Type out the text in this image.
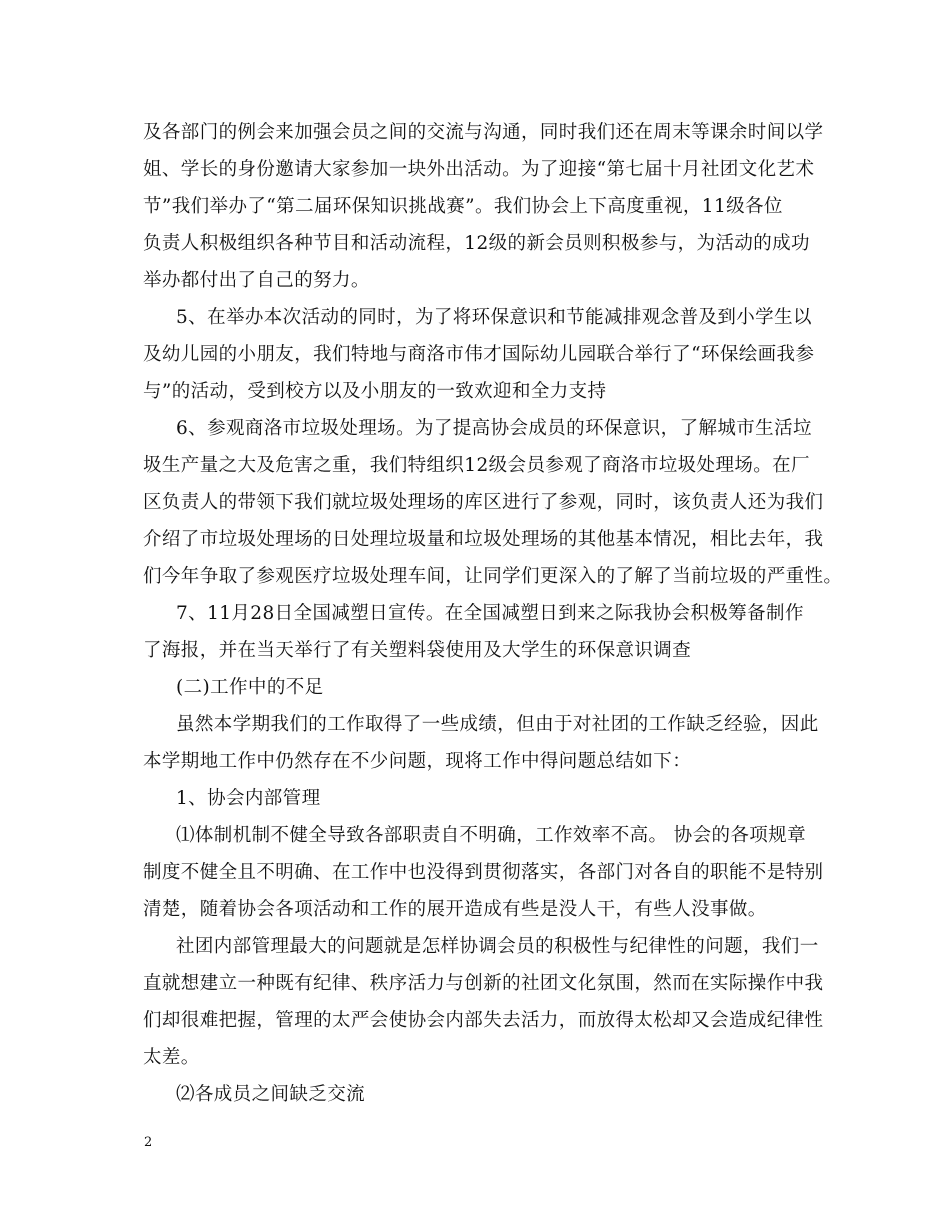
及各部门的例会来加强会员之间的交流与沟通，同时我们还在周末等课余时间以学

姐、学长的身份邀请大家参加一块外出活动。为了迎接“第七届十月社团文化艺术

节”我们举办了“第二届环保知识挑战赛”。我们协会上下高度重视，11级各位

负责人积极组织各种节目和活动流程，12级的新会员则积极参与，为活动的成功

举办都付出了自己的努力。

5、在举办本次活动的同时，为了将环保意识和节能减排观念普及到小学生以

及幼儿园的小朋友，我们特地与商洛市伟才国际幼儿园联合举行了“环保绘画我参

与”的活动，受到校方以及小朋友的一致欢迎和全力支持

6、参观商洛市垃圾处理场。为了提高协会成员的环保意识，了解城市生活垃

圾生产量之大及危害之重，我们特组织12级会员参观了商洛市垃圾处理场。在厂

区负责人的带领下我们就垃圾处理场的库区进行了参观，同时，该负责人还为我们

介绍了市垃圾处理场的日处理垃圾量和垃圾处理场的其他基本情况，相比去年，我

们今年争取了参观医疗垃圾处理车间，让同学们更深入的了解了当前垃圾的严重性。

7、11月28日全国减塑日宣传。在全国减塑日到来之际我协会积极筹备制作

了海报，并在当天举行了有关塑料袋使用及大学生的环保意识调查

(二)工作中的不足

虽然本学期我们的工作取得了一些成绩，但由于对社团的工作缺乏经验，因此

本学期地工作中仍然存在不少问题，现将工作中得问题总结如下：

1、协会内部管理

⑴体制机制不健全导致各部职责自不明确，工作效率不高。 协会的各项规章

制度不健全且不明确、在工作中也没得到贯彻落实，各部门对各自的职能不是特别

清楚，随着协会各项活动和工作的展开造成有些是没人干，有些人没事做。

社团内部管理最大的问题就是怎样协调会员的积极性与纪律性的问题，我们一

直就想建立一种既有纪律、秩序活力与创新的社团文化氛围，然而在实际操作中我

们却很难把握，管理的太严会使协会内部失去活力，而放得太松却又会造成纪律性

太差。

⑵各成员之间缺乏交流

2
